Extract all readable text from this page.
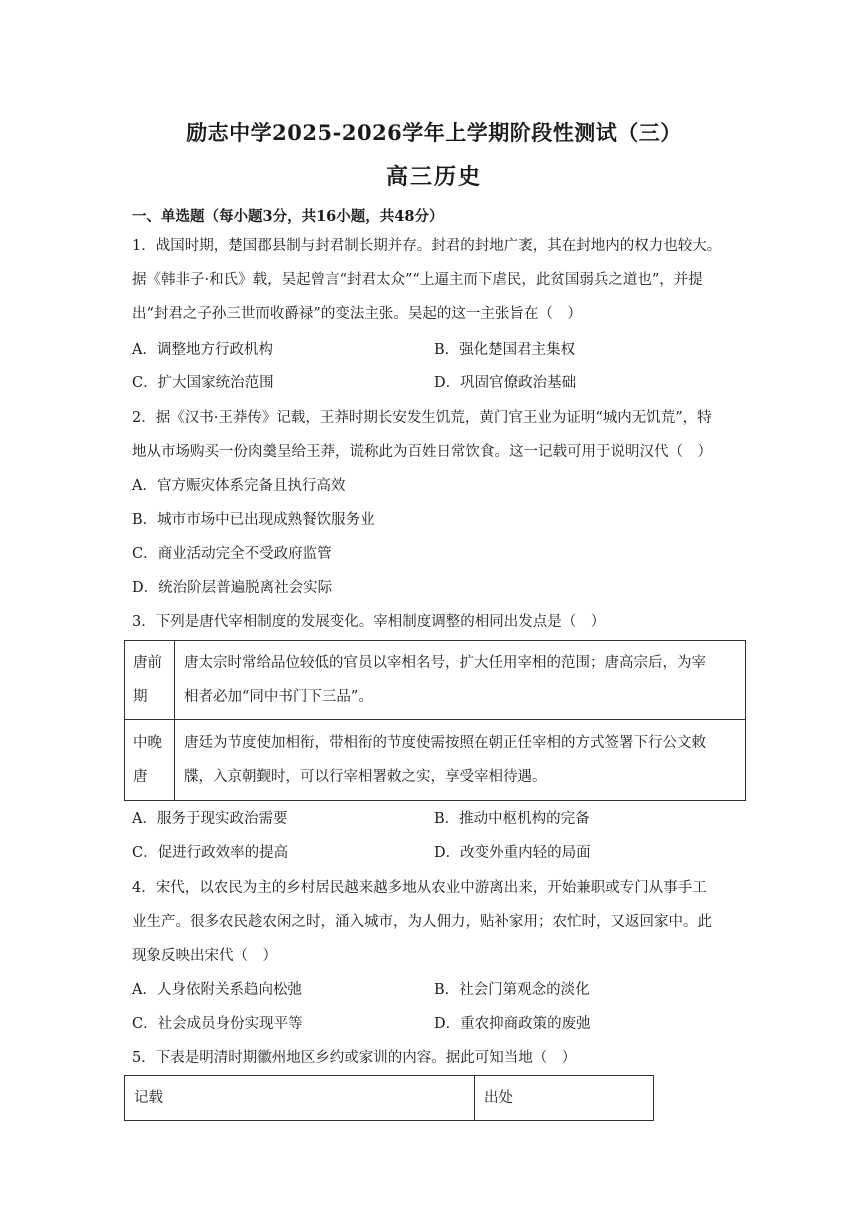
励志中学2025-2026学年上学期阶段性测试（三）
高三历史
一、单选题（每小题3分，共16小题，共48分）
1．战国时期，楚国郡县制与封君制长期并存。封君的封地广袤，其在封地内的权力也较大。
据《韩非子·和氏》载，吴起曾言“封君太众”“上逼主而下虐民，此贫国弱兵之道也”，并提
出“封君之子孙三世而收爵禄”的变法主张。吴起的这一主张旨在（　）
A．调整地方行政机构	B．强化楚国君主集权
C．扩大国家统治范围	D．巩固官僚政治基础
2．据《汉书·王莽传》记载，王莽时期长安发生饥荒，黄门官王业为证明“城内无饥荒”，特
地从市场购买一份肉羹呈给王莽，谎称此为百姓日常饮食。这一记载可用于说明汉代（　）
A．官方赈灾体系完备且执行高效
B．城市市场中已出现成熟餐饮服务业
C．商业活动完全不受政府监管
D．统治阶层普遍脱离社会实际
3．下列是唐代宰相制度的发展变化。宰相制度调整的相同出发点是（　）
唐前
期	唐太宗时常给品位较低的官员以宰相名号，扩大任用宰相的范围；唐高宗后，为宰
相者必加“同中书门下三品”。

中晚
唐	唐廷为节度使加相衔，带相衔的节度使需按照在朝正任宰相的方式签署下行公文敕
牒，入京朝觐时，可以行宰相署敕之实，享受宰相待遇。
A．服务于现实政治需要	B．推动中枢机构的完备
C．促进行政效率的提高	D．改变外重内轻的局面
4．宋代，以农民为主的乡村居民越来越多地从农业中游离出来，开始兼职或专门从事手工
业生产。很多农民趁农闲之时，涌入城市，为人佣力，贴补家用；农忙时，又返回家中。此
现象反映出宋代（　）
A．人身依附关系趋向松弛	B．社会门第观念的淡化
C．社会成员身份实现平等	D．重农抑商政策的废弛
5．下表是明清时期徽州地区乡约或家训的内容。据此可知当地（　）
记载	出处
